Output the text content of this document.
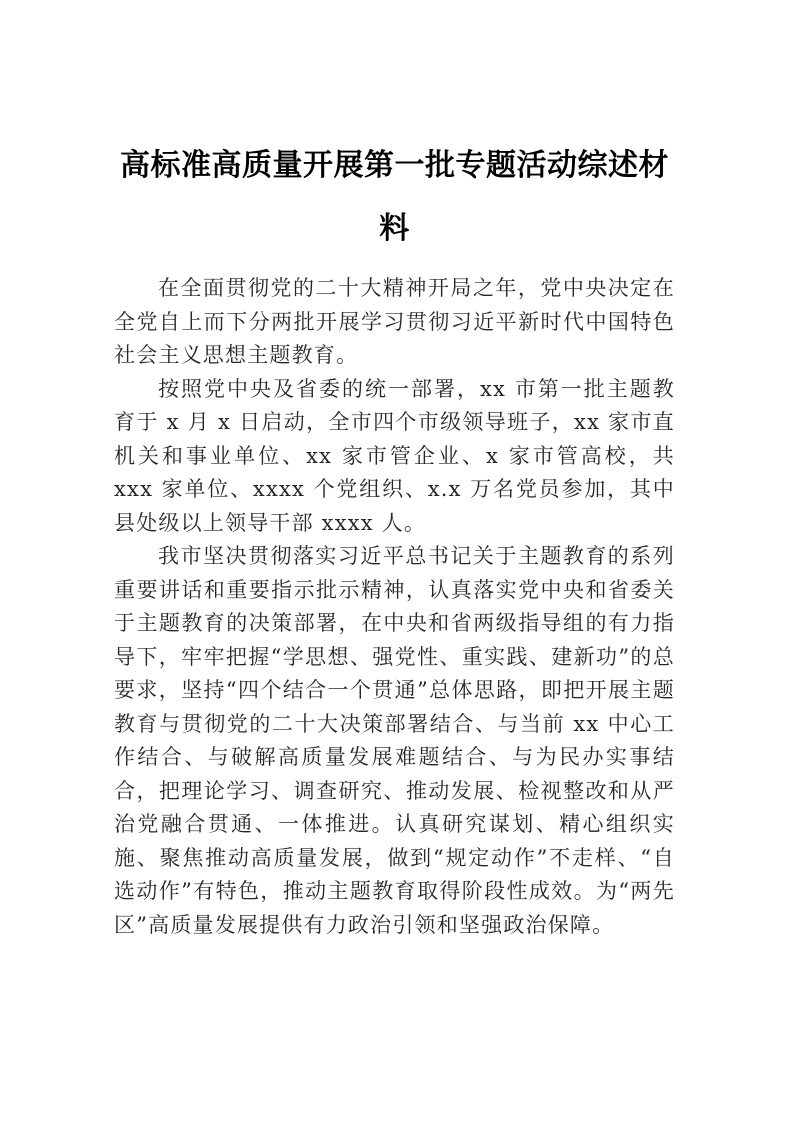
高标准高质量开展第一批专题活动综述材料

在全面贯彻党的二十大精神开局之年，党中央决定在全党自上而下分两批开展学习贯彻习近平新时代中国特色社会主义思想主题教育。

按照党中央及省委的统一部署，xx 市第一批主题教育于 x 月 x 日启动，全市四个市级领导班子，xx 家市直机关和事业单位、xx 家市管企业、x 家市管高校，共 xxx 家单位、xxxx 个党组织、x.x 万名党员参加，其中县处级以上领导干部 xxxx 人。

我市坚决贯彻落实习近平总书记关于主题教育的系列重要讲话和重要指示批示精神，认真落实党中央和省委关于主题教育的决策部署，在中央和省两级指导组的有力指导下，牢牢把握“学思想、强党性、重实践、建新功”的总要求，坚持“四个结合一个贯通”总体思路，即把开展主题教育与贯彻党的二十大决策部署结合、与当前 xx 中心工作结合、与破解高质量发展难题结合、与为民办实事结合，把理论学习、调查研究、推动发展、检视整改和从严治党融合贯通、一体推进。认真研究谋划、精心组织实施、聚焦推动高质量发展，做到“规定动作”不走样、“自选动作”有特色，推动主题教育取得阶段性成效。为“两先区”高质量发展提供有力政治引领和坚强政治保障。
